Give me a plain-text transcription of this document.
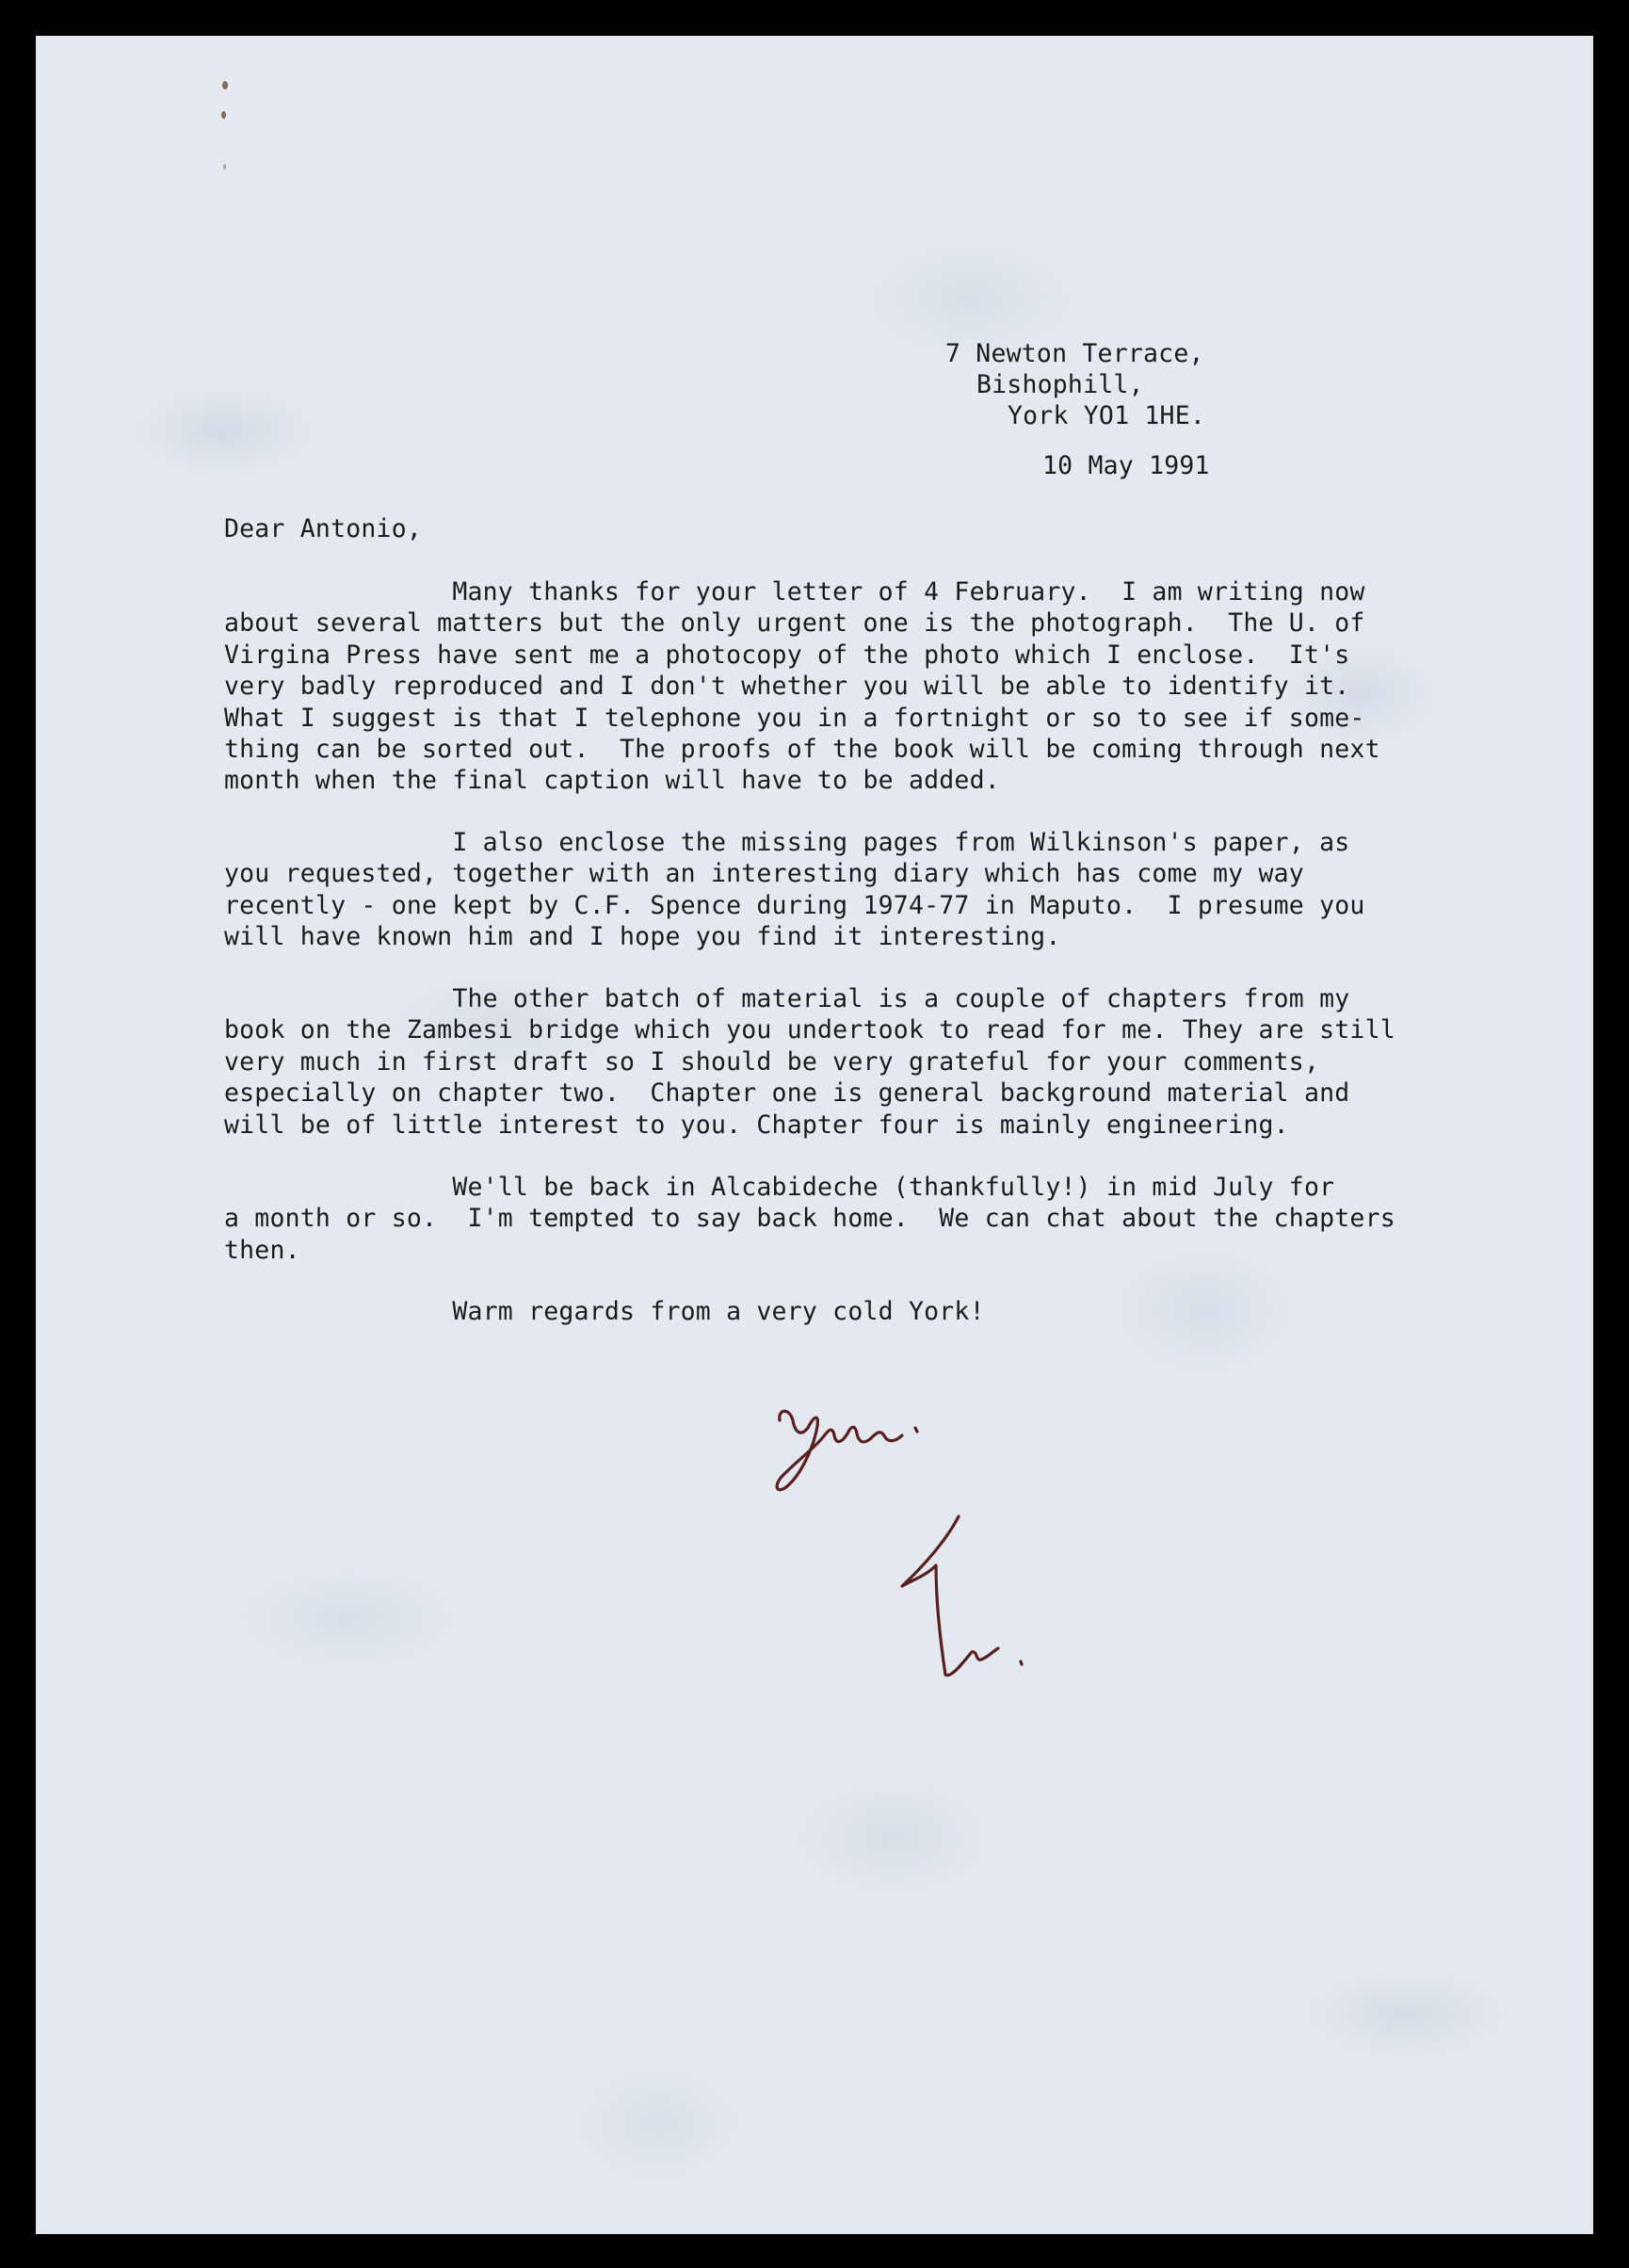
7 Newton Terrace,

Bishophill,

York YO1 1HE.

10 May 1991

Dear Antonio,

Many thanks for your letter of 4 February.  I am writing now
about several matters but the only urgent one is the photograph.  The U. of
Virgina Press have sent me a photocopy of the photo which I enclose.  It's
very badly reproduced and I don't whether you will be able to identify it.
What I suggest is that I telephone you in a fortnight or so to see if some-
thing can be sorted out.  The proofs of the book will be coming through next
month when the final caption will have to be added.

I also enclose the missing pages from Wilkinson's paper, as
you requested, together with an interesting diary which has come my way
recently - one kept by C.F. Spence during 1974-77 in Maputo.  I presume you
will have known him and I hope you find it interesting.

The other batch of material is a couple of chapters from my
book on the Zambesi bridge which you undertook to read for me. They are still
very much in first draft so I should be very grateful for your comments,
especially on chapter two.  Chapter one is general background material and
will be of little interest to you. Chapter four is mainly engineering.

We'll be back in Alcabideche (thankfully!) in mid July for
a month or so.  I'm tempted to say back home.  We can chat about the chapters
then.

Warm regards from a very cold York!
